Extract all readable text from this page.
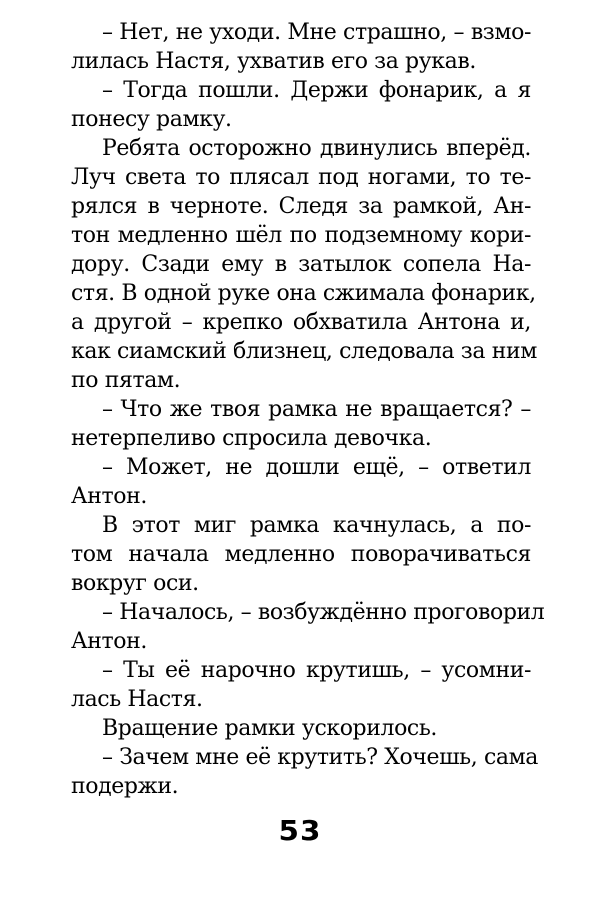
– Нет, не уходи. Мне страшно, – взмо-
лилась Настя, ухватив его за рукав.
– Тогда пошли. Держи фонарик, а я
понесу рамку.
Ребята осторожно двинулись вперёд.
Луч света то плясал под ногами, то те-
рялся в черноте. Следя за рамкой, Ан-
тон медленно шёл по подземному кори-
дору. Сзади ему в затылок сопела На-
стя. В одной руке она сжимала фонарик,
а другой – крепко обхватила Антона и,
как сиамский близнец, следовала за ним
по пятам.
– Что же твоя рамка не вращается? –
нетерпеливо спросила девочка.
– Может, не дошли ещё, – ответил
Антон.
В этот миг рамка качнулась, а по-
том начала медленно поворачиваться
вокруг оси.
– Началось, – возбуждённо проговорил
Антон.
– Ты её нарочно крутишь, – усомни-
лась Настя.
Вращение рамки ускорилось.
– Зачем мне её крутить? Хочешь, сама
подержи.
53
